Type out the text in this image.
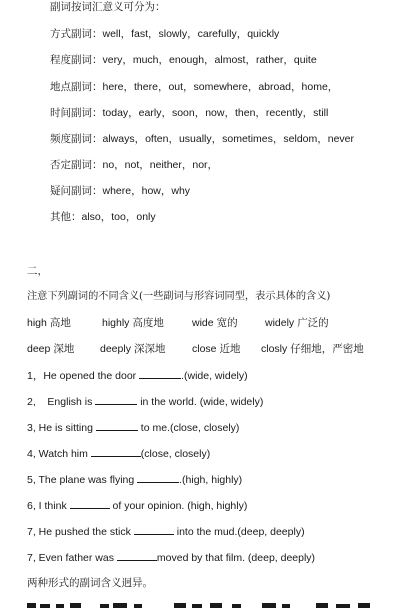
副词按词汇意义可分为：
方式副词：well，fast，slowly，carefully，quickly
程度副词：very，much，enough，almost，rather，quite
地点副词：here，there，out，somewhere，abroad，home，
时间副词：today，early，soon，now，then，recently，still
频度副词：always，often，usually，sometimes，seldom，never
否定副词：no，not，neither，nor，
疑问副词：where，how，why
其他：also，too，only
二，
注意下列副词的不同含义(一些副词与形容词同型，表示具体的含义)
high 高地	highly 高度地	wide 宽的	widely 广泛的
deep 深地 deeply 深深地	close 近地 closly 仔细地，严密地
1，He opened the door	.(wide, widely)
2,    English is	in the world. (wide, widely)
3, He is sitting	to me.(close, closely)
4, Watch him	(close, closely)
5, The plane was flying	.(high, highly)
6, I think	of your opinion. (high, highly)
7, He pushed the stick	into the mud.(deep, deeply)
7, Even father was	moved by that film. (deep, deeply)
两种形式的副词含义迥异。
